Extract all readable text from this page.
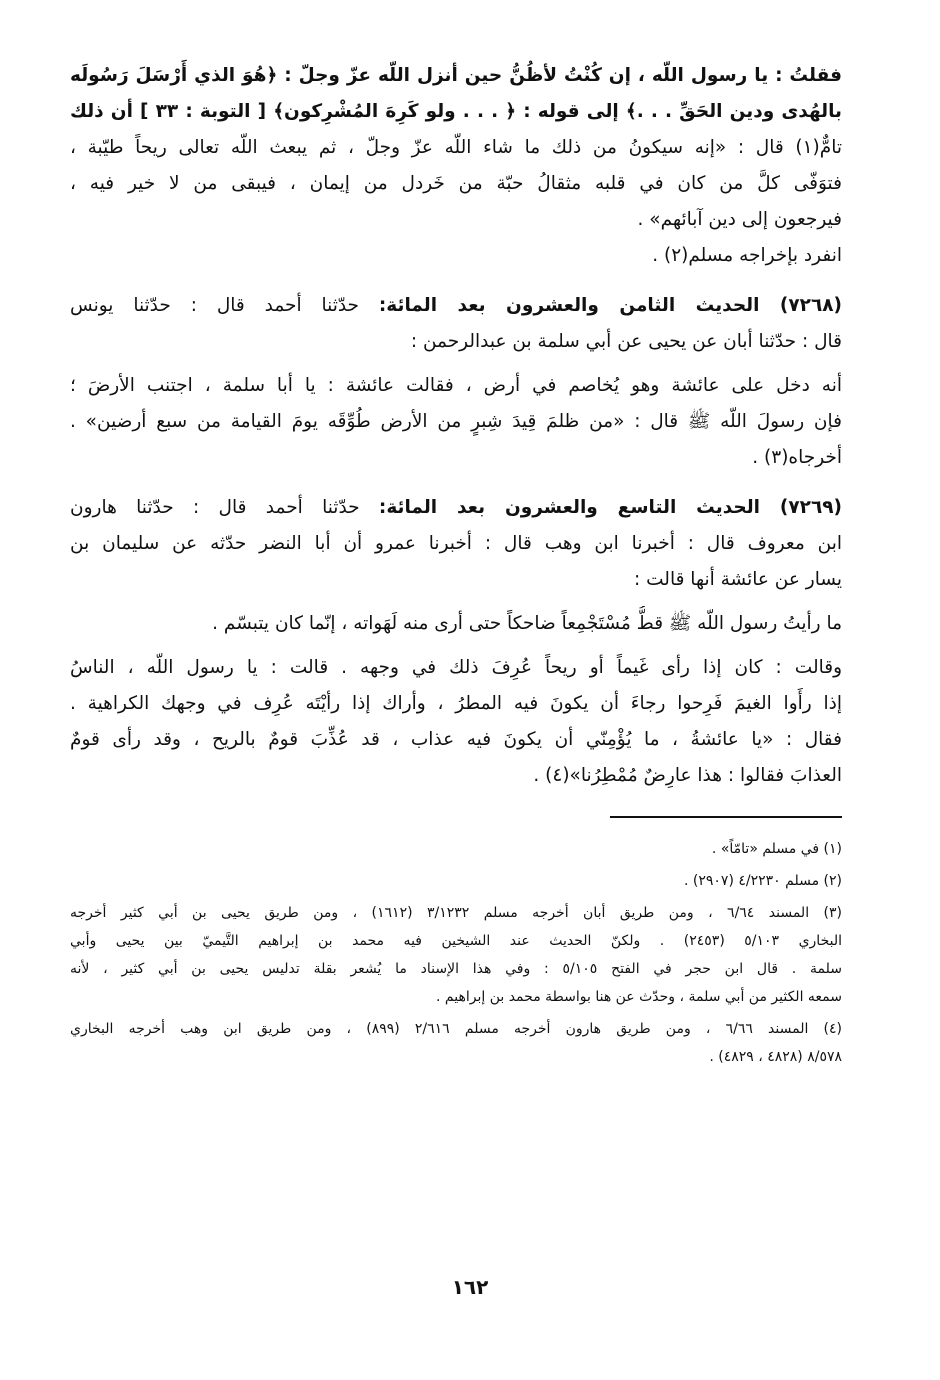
فقلتُ : يا رسول اللّه ، إن كُنْتُ لأظُنُّ حين أنزل اللّه عزّ وجلّ : ﴿هُوَ الذي أَرْسَلَ رَسُولَه
بالهُدى ودين الحَقِّ . . .﴾ إلى قوله : ﴿ . . . ولو كَرِهَ المُشْرِكون﴾ [ التوبة : ٣٣ ] أن ذلك
تامٌّ(١) قال : «إنه سيكونُ من ذلك ما شاء اللّه عزّ وجلّ ، ثم يبعث اللّه تعالى ريحاً طيّبة ،
فتوَفّى كلَّ من كان في قلبه مثقالُ حبّة من خَردل من إيمان ، فيبقى من لا خير فيه ،
فيرجعون إلى دين آبائهم» .
انفرد بإخراجه مسلم(٢) .
(٧٢٦٨) الحديث الثامن والعشرون بعد المائة: حدّثنا أحمد قال : حدّثنا يونس
قال : حدّثنا أبان عن يحيى عن أبي سلمة بن عبدالرحمن :
أنه دخل على عائشة وهو يُخاصم في أرض ، فقالت عائشة : يا أبا سلمة ، اجتنب الأرضَ ؛
فإن رسولَ اللّه ﷺ قال : «من ظلمَ قِيدَ شِبرٍ من الأرض طُوِّقَه يومَ القيامة من سبع أرضين» .
أخرجاه(٣) .
(٧٢٦٩) الحديث التاسع والعشرون بعد المائة: حدّثنا أحمد قال : حدّثنا هارون
ابن معروف قال : أخبرنا ابن وهب قال : أخبرنا عمرو أن أبا النضر حدّثه عن سليمان بن
يسار عن عائشة أنها قالت :
ما رأيتُ رسول اللّه ﷺ قطُّ مُسْتَجْمِعاً ضاحكاً حتى أرى منه لَهَواته ، إنّما كان يتبسّم .
وقالت : كان إذا رأى غَيماً أو ريحاً عُرِفَ ذلك في وجهه . قالت : يا رسول اللّه ، الناسُ
إذا رأَوا الغيمَ فَرِحوا رجاءَ أن يكونَ فيه المطرُ ، وأراك إذا رأيْتَه عُرِف في وجهك الكراهية .
فقال : «يا عائشةُ ، ما يُؤْمِنّي أن يكونَ فيه عذاب ، قد عُذِّبَ قومٌ بالريح ، وقد رأى قومٌ
العذابَ فقالوا : هذا عارِضٌ مُمْطِرُنا»(٤) .
(١) في مسلم «تامّاً» .
(٢) مسلم ٤/٢٢٣٠ (٢٩٠٧) .
(٣) المسند ٦/٦٤ ، ومن طريق أبان أخرجه مسلم ٣/١٢٣٢ (١٦١٢) ، ومن طريق يحيى بن أبي كثير أخرجه
البخاري ٥/١٠٣ (٢٤٥٣) . ولكنّ الحديث عند الشيخين فيه محمد بن إبراهيم التَّيميّ بين يحيى وأبي
سلمة . قال ابن حجر في الفتح ٥/١٠٥ : وفي هذا الإسناد ما يُشعر بقلة تدليس يحيى بن أبي كثير ، لأنه
سمعه الكثير من أبي سلمة ، وحدّث عن هنا بواسطة محمد بن إبراهيم .
(٤) المسند ٦/٦٦ ، ومن طريق هارون أخرجه مسلم ٢/٦١٦ (٨٩٩) ، ومن طريق ابن وهب أخرجه البخاري
٨/٥٧٨ (٤٨٢٨ ، ٤٨٢٩) .
١٦٢
